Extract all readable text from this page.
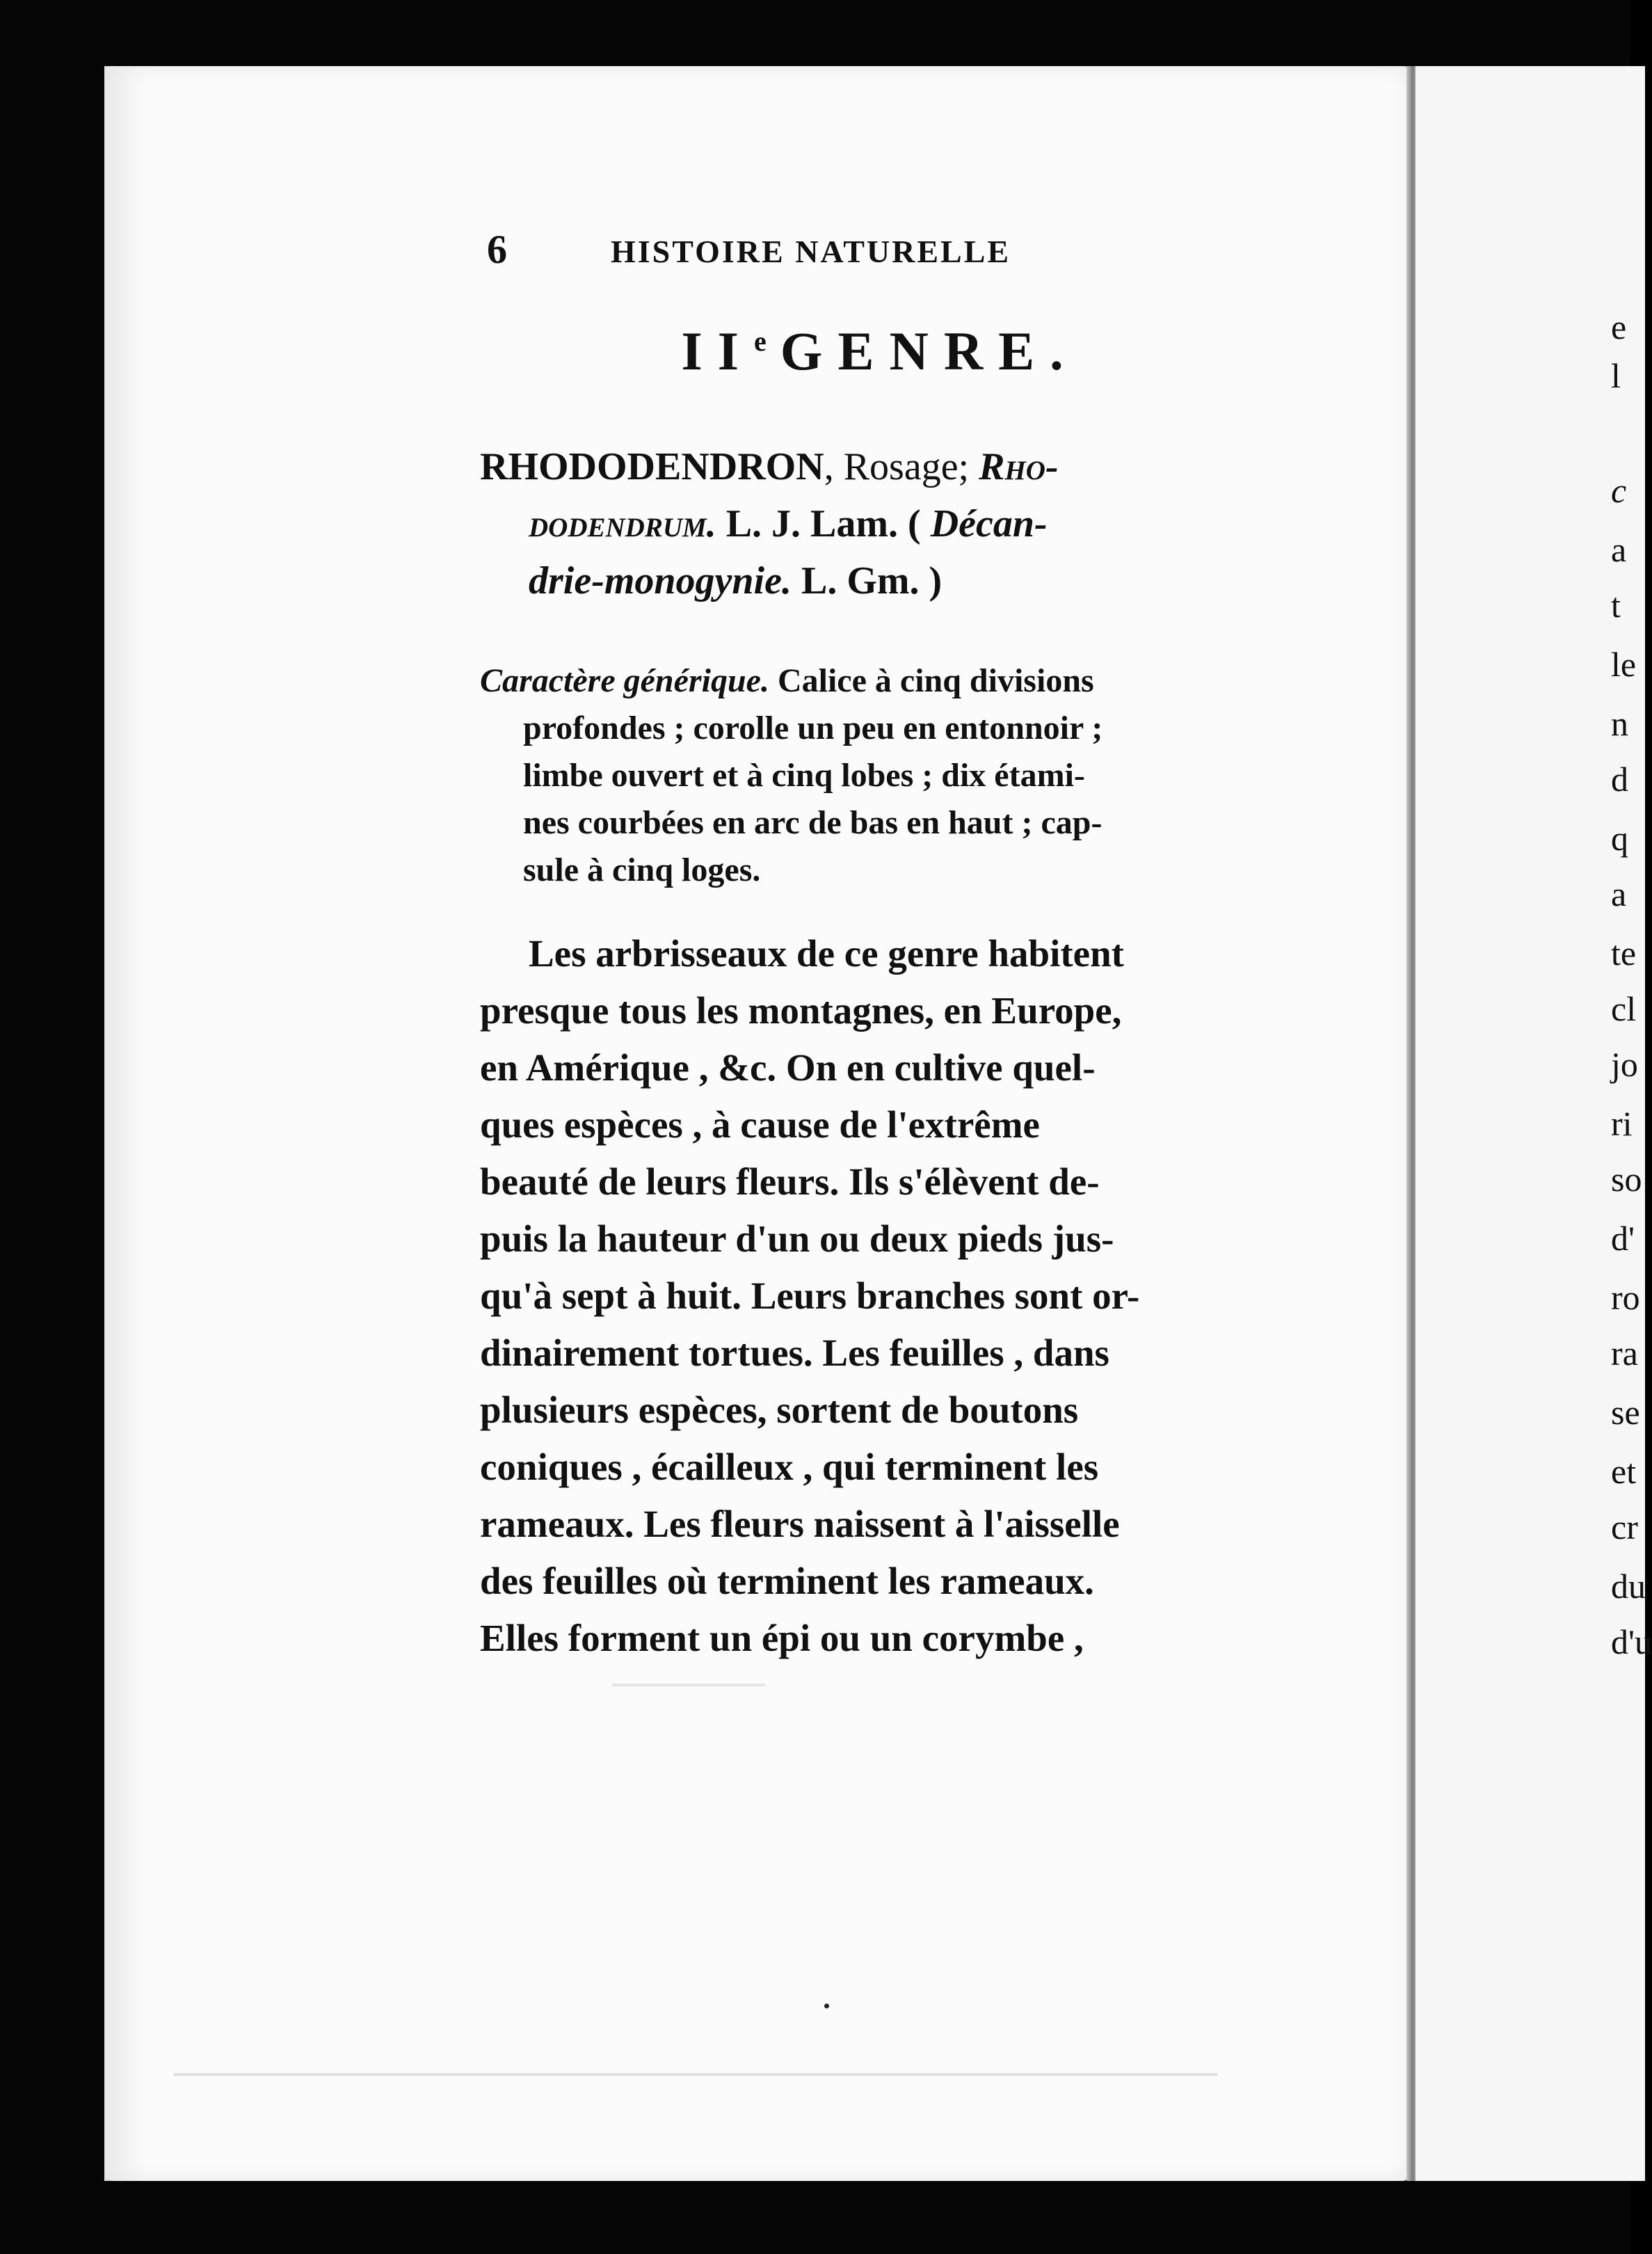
e
l
c
a
t
le
n
d
q
a
te
cl
jo
ri
so
d'
ro
ra
se
et
cr
du
d'u
6	HISTOIRE NATURELLE
IIe GENRE.
RHODODENDRON, Rosage; Rho-
dodendrum. L. J. Lam. ( Décan-
drie-monogynie. L. Gm. )
Caractère générique. Calice à cinq divisions
profondes ; corolle un peu en entonnoir ;
limbe ouvert et à cinq lobes ; dix étami-
nes courbées en arc de bas en haut ; cap-
sule à cinq loges.
Les arbrisseaux de ce genre habitent
presque tous les montagnes, en Europe,
en Amérique , &c. On en cultive quel-
ques espèces , à cause de l'extrême
beauté de leurs fleurs. Ils s'élèvent de-
puis la hauteur d'un ou deux pieds jus-
qu'à sept à huit. Leurs branches sont or-
dinairement tortues. Les feuilles , dans
plusieurs espèces, sortent de boutons
coniques , écailleux , qui terminent les
rameaux. Les fleurs naissent à l'aisselle
des feuilles où terminent les rameaux.
Elles forment un épi ou un corymbe ,
